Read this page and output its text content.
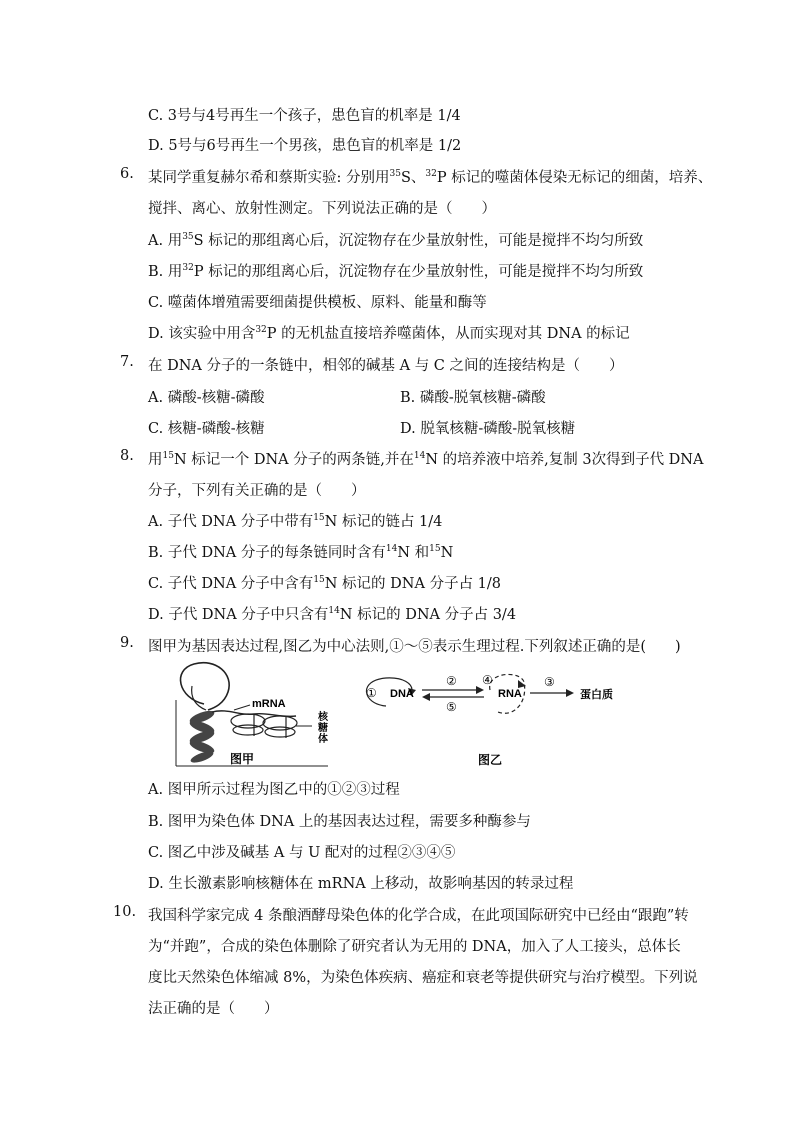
C. 3号与4号再生一个孩子，患色盲的机率是 1/4
D. 5号与6号再生一个男孩，患色盲的机率是 1/2
6. 某同学重复赫尔希和蔡斯实验: 分别用$^{35}$S、$^{32}$P 标记的噬菌体侵染无标记的细菌，培养、
搅拌、离心、放射性测定。下列说法正确的是（　　）
A. 用$^{35}$S 标记的那组离心后，沉淀物存在少量放射性，可能是搅拌不均匀所致
B. 用$^{32}$P 标记的那组离心后，沉淀物存在少量放射性，可能是搅拌不均匀所致
C. 噬菌体增殖需要细菌提供模板、原料、能量和酶等
D. 该实验中用含$^{32}$P 的无机盐直接培养噬菌体，从而实现对其 DNA 的标记
7. 在 DNA 分子的一条链中，相邻的碱基 A 与 C 之间的连接结构是（　　）
A. 磷酸-核糖-磷酸	B. 磷酸-脱氧核糖-磷酸
C. 核糖-磷酸-核糖	D. 脱氧核糖-磷酸-脱氧核糖
8. 用$^{15}$N 标记一个 DNA 分子的两条链,并在$^{14}$N 的培养液中培养,复制 3次得到子代 DNA
分子，下列有关正确的是（　　）
A. 子代 DNA 分子中带有$^{15}$N 标记的链占 1/4
B. 子代 DNA 分子的每条链同时含有$^{14}$N 和$^{15}$N
C. 子代 DNA 分子中含有$^{15}$N 标记的 DNA 分子占 1/8
D. 子代 DNA 分子中只含有$^{14}$N 标记的 DNA 分子占 3/4
9. 图甲为基因表达过程,图乙为中心法则,①～⑤表示生理过程.下列叙述正确的是(　　)
mRNA
核
糖
体
图甲
① DNA
②
⑤
④
RNA
③
蛋白质
图乙
A. 图甲所示过程为图乙中的①②③过程
B. 图甲为染色体 DNA 上的基因表达过程，需要多种酶参与
C. 图乙中涉及碱基 A 与 U 配对的过程②③④⑤
D. 生长激素影响核糖体在 mRNA 上移动，故影响基因的转录过程
10. 我国科学家完成 4 条酿酒酵母染色体的化学合成，在此项国际研究中已经由“跟跑”转
为“并跑”，合成的染色体删除了研究者认为无用的 DNA，加入了人工接头，总体长
度比天然染色体缩减 8%，为染色体疾病、癌症和衰老等提供研究与治疗模型。下列说
法正确的是（　　）
